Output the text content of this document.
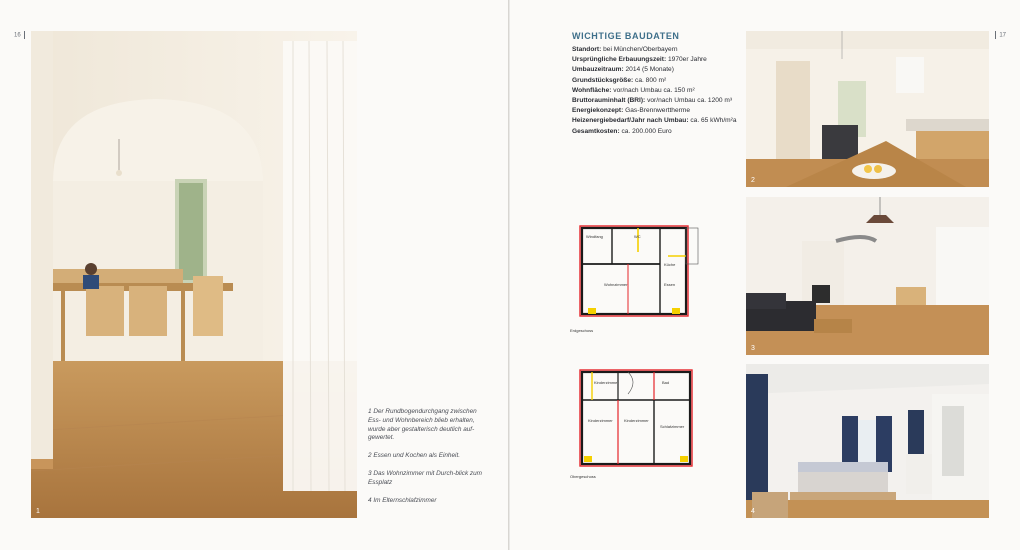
16
1

1 Der Rundbogendurchgang zwischen Ess- und Wohnbereich blieb erhalten, wurde aber gestalterisch deutlich auf-gewertet.

2 Essen und Kochen als Einheit.

3 Das Wohnzimmer mit Durch-blick zum Essplatz

4 Im Elternschlafzimmer

17
WICHTIGE BAUDATEN
Standort: bei München/Oberbayern
Ursprüngliche Erbauungszeit: 1970er Jahre
Umbauzeitraum: 2014 (5 Monate)
Grundstücksgröße: ca. 800 m²
Wohnfläche: vor/nach Umbau ca. 150 m²
Bruttorauminhalt (BRI): vor/nach Umbau ca. 1200 m³
Energiekonzept: Gas-Brennwerttherme
Heizenergiebedarf/Jahr nach Umbau: ca. 65 kWh/m²a
Gesamtkosten: ca. 200.000 Euro
Windfang	WC
Küche
Wohnzimmer	Essen
Erdgeschoss
Kinderzimmer	Bad
Kinderzimmer	Kinderzimmer
Schlafzimmer
Obergeschoss
2
3
4
